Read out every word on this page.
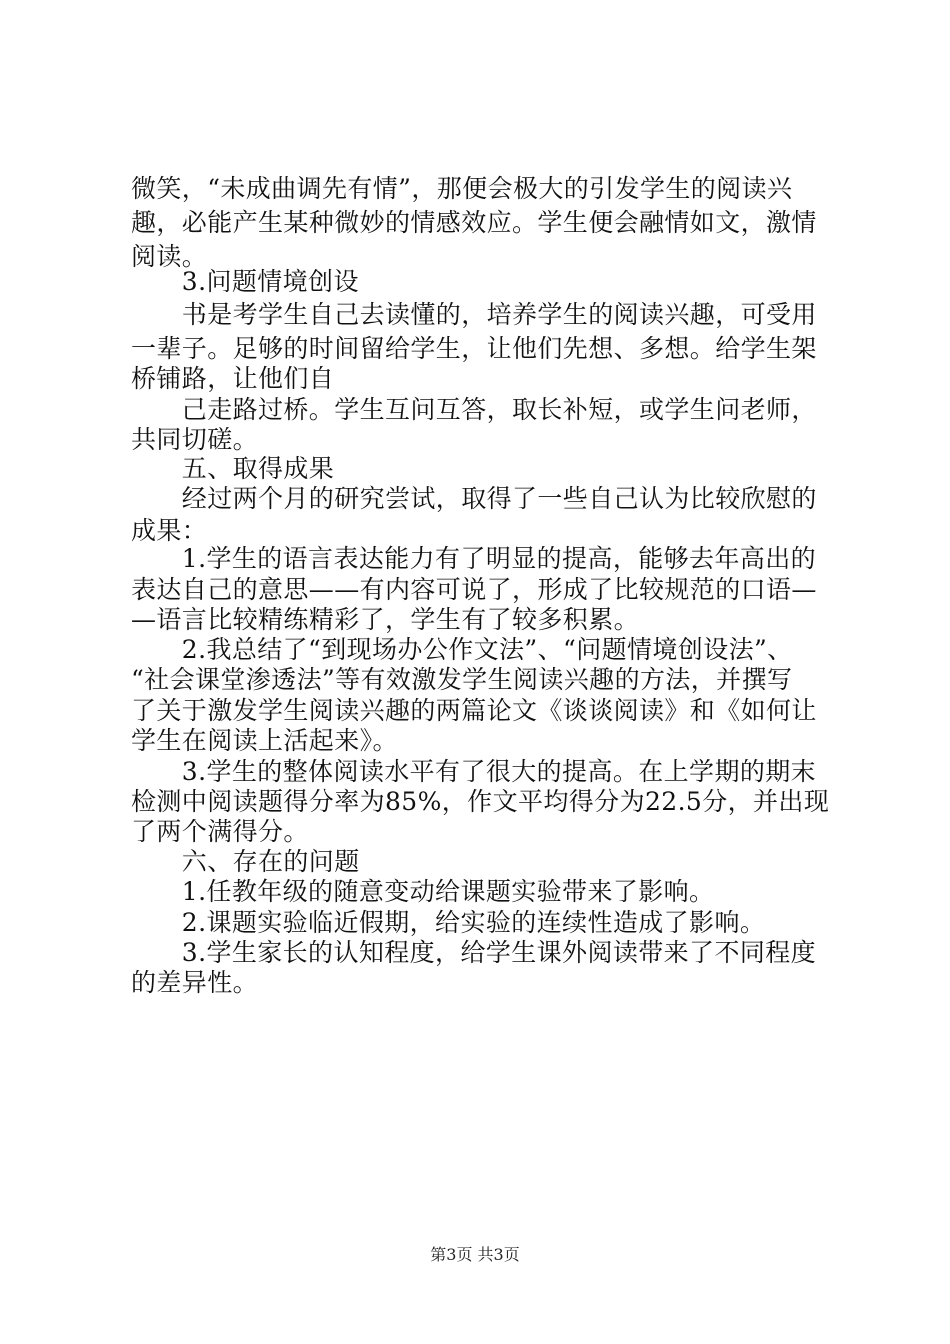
微笑，“未成曲调先有情”，那便会极大的引发学生的阅读兴
趣，必能产生某种微妙的情感效应。学生便会融情如文，激情
阅读。
　　3.问题情境创设
　　书是考学生自己去读懂的，培养学生的阅读兴趣，可受用
一辈子。足够的时间留给学生，让他们先想、多想。给学生架
桥铺路，让他们自
　　己走路过桥。学生互问互答，取长补短，或学生问老师，
共同切磋。
　　五、取得成果
　　经过两个月的研究尝试，取得了一些自己认为比较欣慰的
成果：
　　1.学生的语言表达能力有了明显的提高，能够去年高出的
表达自己的意思——有内容可说了，形成了比较规范的口语—
—语言比较精练精彩了，学生有了较多积累。
　　2.我总结了“到现场办公作文法”、“问题情境创设法”、
“社会课堂渗透法”等有效激发学生阅读兴趣的方法，并撰写
了关于激发学生阅读兴趣的两篇论文《谈谈阅读》和《如何让
学生在阅读上活起来》。
　　3.学生的整体阅读水平有了很大的提高。在上学期的期末
检测中阅读题得分率为85%，作文平均得分为22.5分，并出现
了两个满得分。
　　六、存在的问题
　　1.任教年级的随意变动给课题实验带来了影响。
　　2.课题实验临近假期，给实验的连续性造成了影响。
　　3.学生家长的认知程度，给学生课外阅读带来了不同程度
的差异性。
第3页 共3页
